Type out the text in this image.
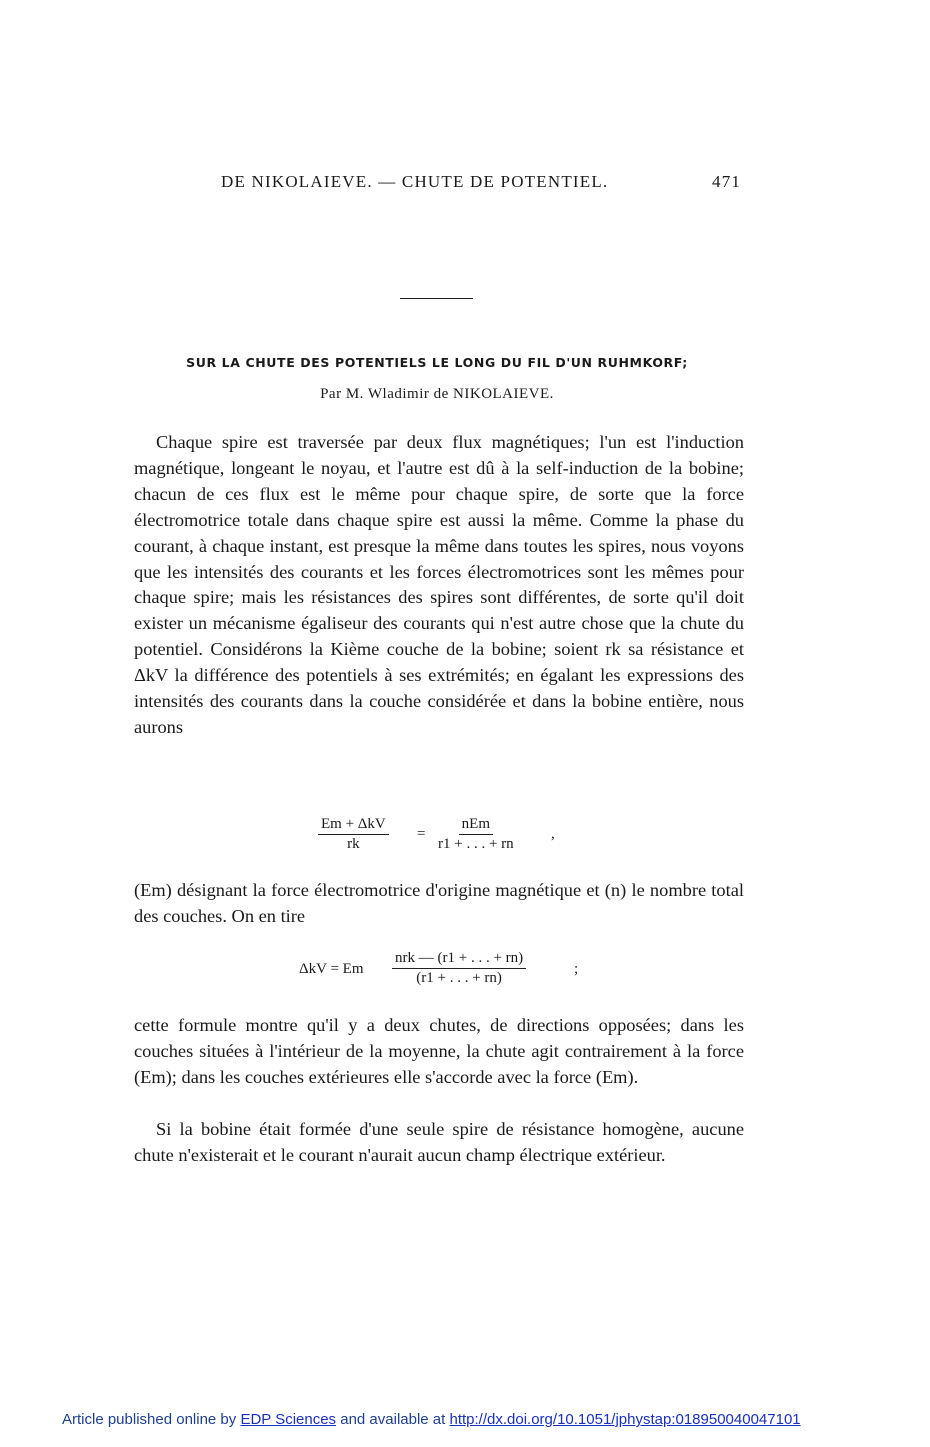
DE NIKOLAIEVE. — CHUTE DE POTENTIEL.	471
SUR LA CHUTE DES POTENTIELS LE LONG DU FIL D'UN RUHMKORF;
Par M. Wladimir de NIKOLAIEVE.

Chaque spire est traversée par deux flux magnétiques; l'un est l'induction magnétique, longeant le noyau, et l'autre est dû à la self-induction de la bobine; chacun de ces flux est le même pour chaque spire, de sorte que la force électromotrice totale dans chaque spire est aussi la même. Comme la phase du courant, à chaque instant, est presque la même dans toutes les spires, nous voyons que les intensités des courants et les forces électromotrices sont les mêmes pour chaque spire; mais les résistances des spires sont différentes, de sorte qu'il doit exister un mécanisme égaliseur des courants qui n'est autre chose que la chute du potentiel. Considérons la Kième couche de la bobine; soient rk sa résistance et ΔkV la différence des potentiels à ses extrémités; en égalant les expressions des intensités des courants dans la couche considérée et dans la bobine entière, nous aurons

Em + ΔkV
rk
=
nEm
r1 + . . . + rn
,

(Em) désignant la force électromotrice d'origine magnétique et (n) le nombre total des couches. On en tire

ΔkV = Em
nrk — (r1 + . . . + rn)
(r1 + . . . + rn)
;

cette formule montre qu'il y a deux chutes, de directions opposées; dans les couches situées à l'intérieur de la moyenne, la chute agit contrairement à la force (Em); dans les couches extérieures elle s'accorde avec la force (Em).

Si la bobine était formée d'une seule spire de résistance homogène, aucune chute n'existerait et le courant n'aurait aucun champ électrique extérieur.

Article published online by EDP Sciences and available at http://dx.doi.org/10.1051/jphystap:018950040047101
